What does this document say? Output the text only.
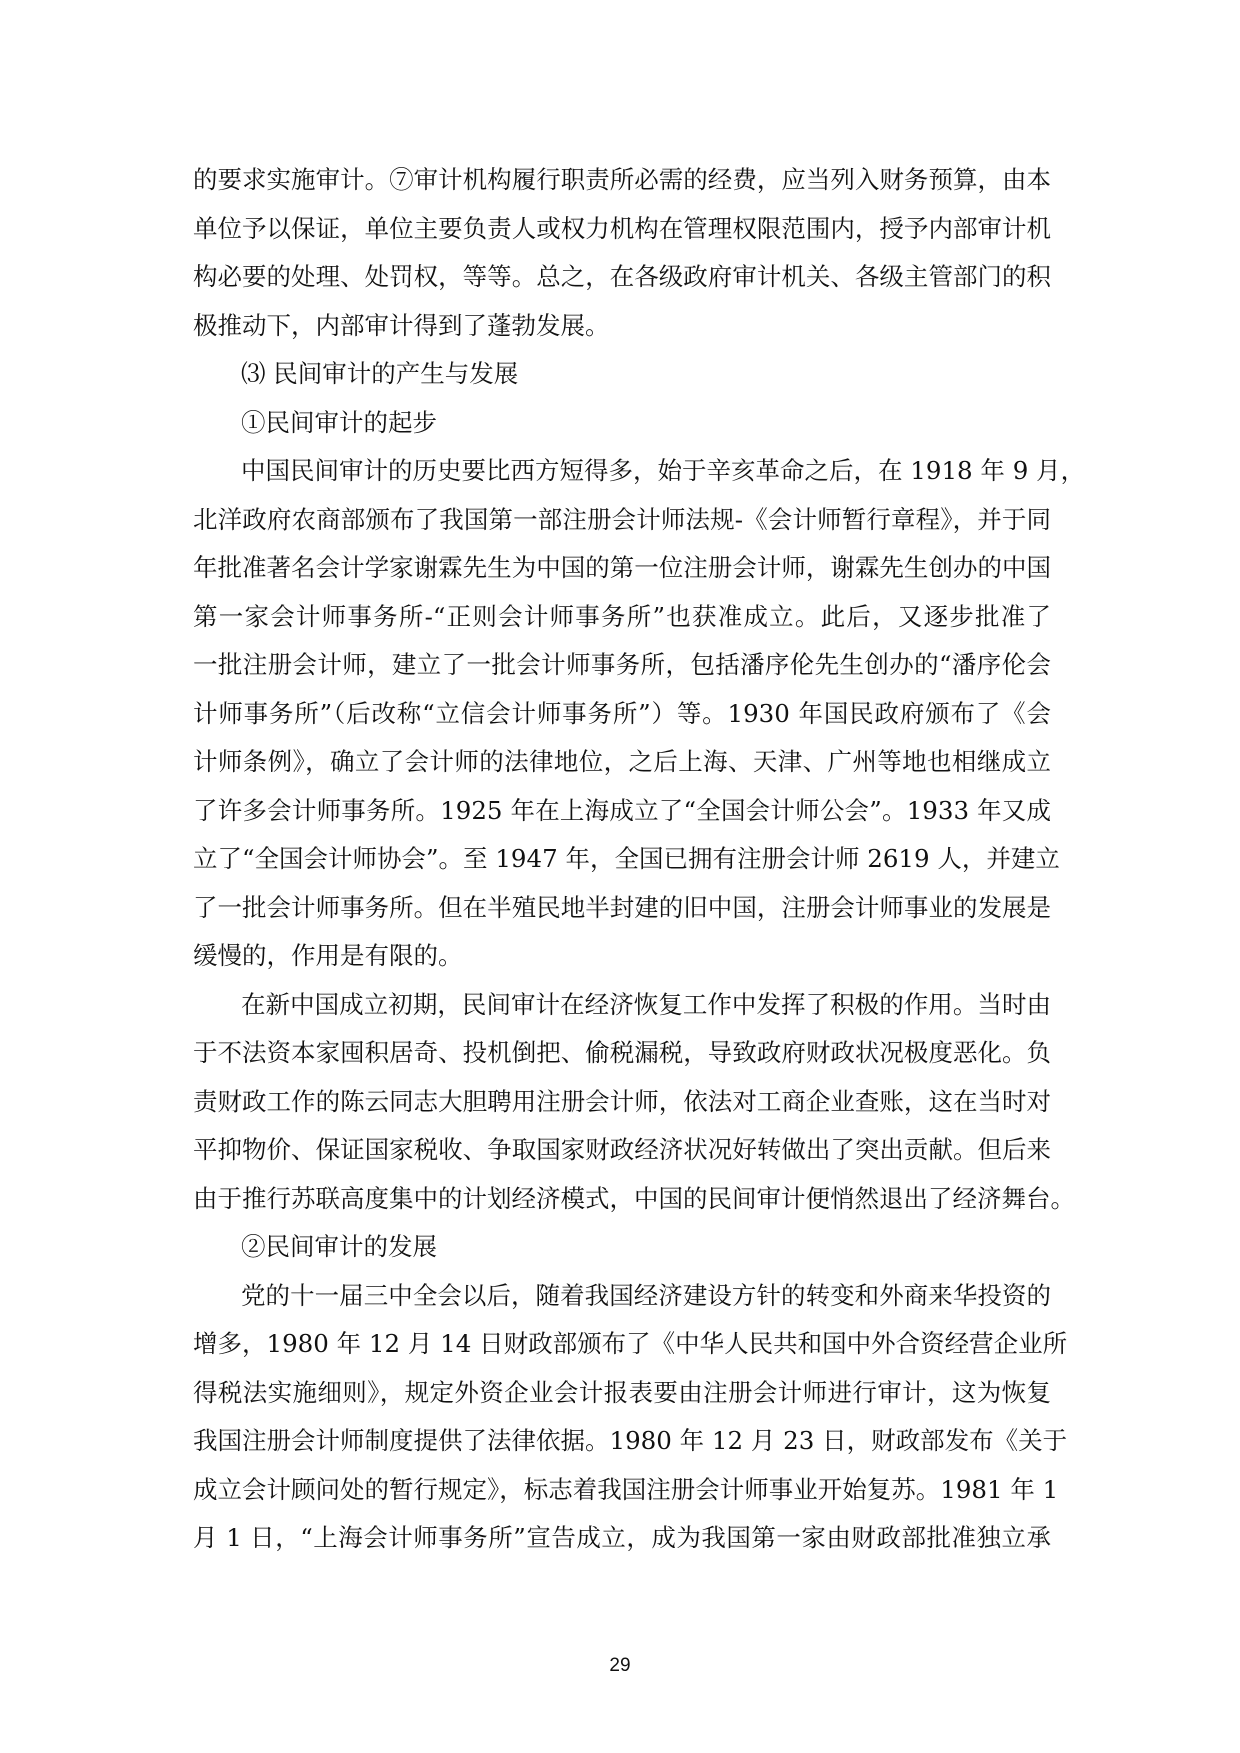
的要求实施审计。⑦审计机构履行职责所必需的经费，应当列入财务预算，由本
单位予以保证，单位主要负责人或权力机构在管理权限范围内，授予内部审计机
构必要的处理、处罚权，等等。总之，在各级政府审计机关、各级主管部门的积
极推动下，内部审计得到了蓬勃发展。
⑶ 民间审计的产生与发展
①民间审计的起步
中国民间审计的历史要比西方短得多，始于辛亥革命之后，在 1918 年 9 月，
北洋政府农商部颁布了我国第一部注册会计师法规-《会计师暂行章程》，并于同
年批准著名会计学家谢霖先生为中国的第一位注册会计师，谢霖先生创办的中国
第一家会计师事务所-“正则会计师事务所”也获准成立。此后，又逐步批准了
一批注册会计师，建立了一批会计师事务所，包括潘序伦先生创办的“潘序伦会
计师事务所”（后改称“立信会计师事务所”）等。1930 年国民政府颁布了《会
计师条例》，确立了会计师的法律地位，之后上海、天津、广州等地也相继成立
了许多会计师事务所。1925 年在上海成立了“全国会计师公会”。1933 年又成
立了“全国会计师协会”。至 1947 年，全国已拥有注册会计师 2619 人，并建立
了一批会计师事务所。但在半殖民地半封建的旧中国，注册会计师事业的发展是
缓慢的，作用是有限的。
在新中国成立初期，民间审计在经济恢复工作中发挥了积极的作用。当时由
于不法资本家囤积居奇、投机倒把、偷税漏税，导致政府财政状况极度恶化。负
责财政工作的陈云同志大胆聘用注册会计师，依法对工商企业查账，这在当时对
平抑物价、保证国家税收、争取国家财政经济状况好转做出了突出贡献。但后来
由于推行苏联高度集中的计划经济模式，中国的民间审计便悄然退出了经济舞台。
②民间审计的发展
党的十一届三中全会以后，随着我国经济建设方针的转变和外商来华投资的
增多，1980 年 12 月 14 日财政部颁布了《中华人民共和国中外合资经营企业所
得税法实施细则》，规定外资企业会计报表要由注册会计师进行审计，这为恢复
我国注册会计师制度提供了法律依据。1980 年 12 月 23 日，财政部发布《关于
成立会计顾问处的暂行规定》，标志着我国注册会计师事业开始复苏。1981 年 1
月 1 日，“上海会计师事务所”宣告成立，成为我国第一家由财政部批准独立承
29
